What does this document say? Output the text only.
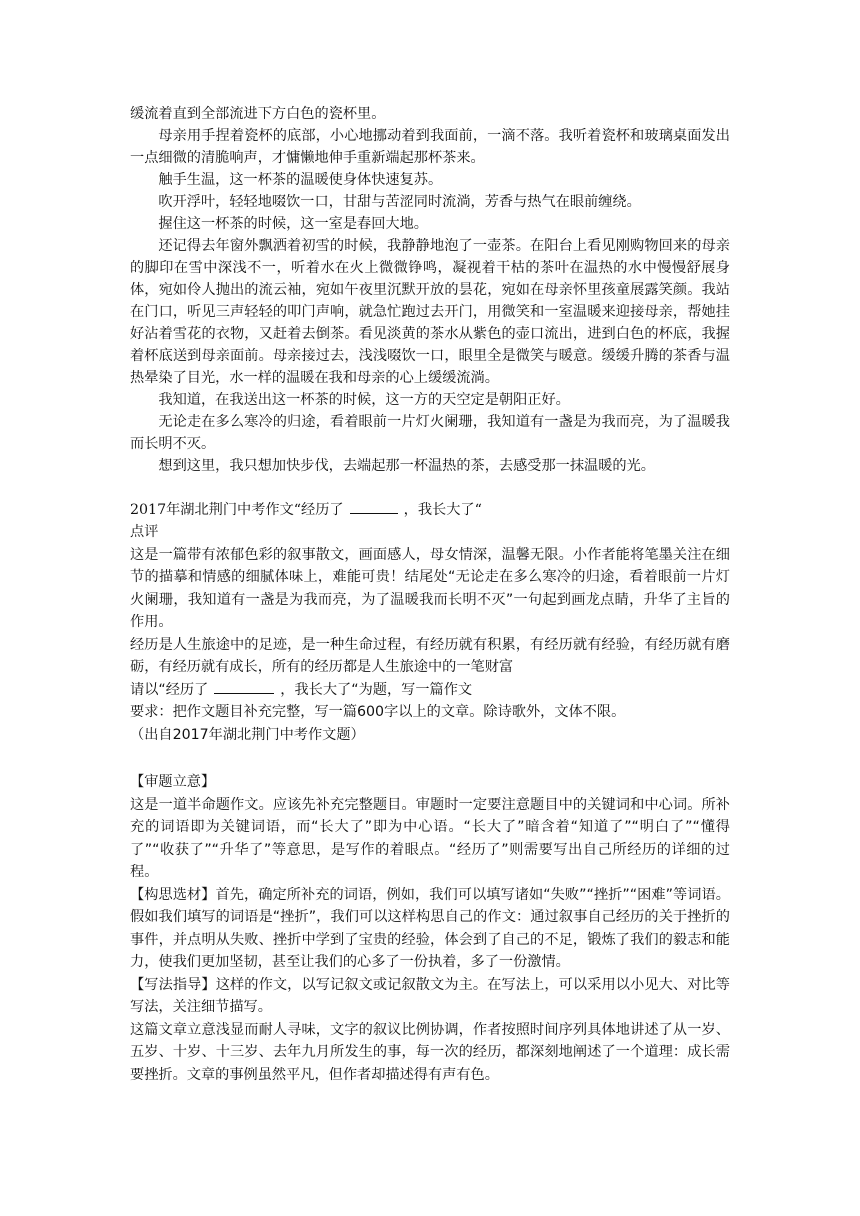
缓流着直到全部流进下方白色的瓷杯里。

母亲用手捏着瓷杯的底部，小心地挪动着到我面前，一滴不落。我听着瓷杯和玻璃桌面发出一点细微的清脆响声，才慵懒地伸手重新端起那杯茶来。

触手生温，这一杯茶的温暖使身体快速复苏。

吹开浮叶，轻轻地啜饮一口，甘甜与苦涩同时流淌，芳香与热气在眼前缠绕。

握住这一杯茶的时候，这一室是春回大地。

还记得去年窗外飘洒着初雪的时候，我静静地泡了一壶茶。在阳台上看见刚购物回来的母亲的脚印在雪中深浅不一，听着水在火上微微铮鸣，凝视着干枯的茶叶在温热的水中慢慢舒展身体，宛如伶人抛出的流云袖，宛如午夜里沉默开放的昙花，宛如在母亲怀里孩童展露笑颜。我站在门口，听见三声轻轻的叩门声响，就急忙跑过去开门，用微笑和一室温暖来迎接母亲，帮她挂好沾着雪花的衣物，又赶着去倒茶。看见淡黄的茶水从紫色的壶口流出，进到白色的杯底，我握着杯底送到母亲面前。母亲接过去，浅浅啜饮一口，眼里全是微笑与暖意。缓缓升腾的茶香与温热晕染了目光，水一样的温暖在我和母亲的心上缓缓流淌。

我知道，在我送出这一杯茶的时候，这一方的天空定是朝阳正好。

无论走在多么寒冷的归途，看着眼前一片灯火阑珊，我知道有一盏是为我而亮，为了温暖我而长明不灭。

想到这里，我只想加快步伐，去端起那一杯温热的茶，去感受那一抹温暖的光。

2017年湖北荆门中考作文“经历了	，我长大了“

点评

这是一篇带有浓郁色彩的叙事散文，画面感人，母女情深，温馨无限。小作者能将笔墨关注在细节的描摹和情感的细腻体味上，难能可贵！结尾处“无论走在多么寒冷的归途，看着眼前一片灯火阑珊，我知道有一盏是为我而亮，为了温暖我而长明不灭”一句起到画龙点睛，升华了主旨的作用。

经历是人生旅途中的足迹，是一种生命过程，有经历就有积累，有经历就有经验，有经历就有磨砺，有经历就有成长，所有的经历都是人生旅途中的一笔财富

请以“经历了	，我长大了“为题，写一篇作文

要求：把作文题目补充完整，写一篇600字以上的文章。除诗歌外，文体不限。

（出自2017年湖北荆门中考作文题）

【审题立意】

这是一道半命题作文。应该先补充完整题目。审题时一定要注意题目中的关键词和中心词。所补充的词语即为关键词语，而“长大了”即为中心语。“长大了”暗含着“知道了”“明白了”“懂得了”“收获了”“升华了”等意思，是写作的着眼点。“经历了”则需要写出自己所经历的详细的过程。

【构思选材】首先，确定所补充的词语，例如，我们可以填写诸如“失败”“挫折”“困难”等词语。假如我们填写的词语是“挫折”，我们可以这样构思自己的作文：通过叙事自己经历的关于挫折的事件，并点明从失败、挫折中学到了宝贵的经验，体会到了自己的不足，锻炼了我们的毅志和能力，使我们更加坚韧，甚至让我们的心多了一份执着，多了一份激情。

【写法指导】这样的作文，以写记叙文或记叙散文为主。在写法上，可以采用以小见大、对比等写法，关注细节描写。

这篇文章立意浅显而耐人寻味，文字的叙议比例协调，作者按照时间序列具体地讲述了从一岁、五岁、十岁、十三岁、去年九月所发生的事，每一次的经历，都深刻地阐述了一个道理：成长需要挫折。文章的事例虽然平凡，但作者却描述得有声有色。
